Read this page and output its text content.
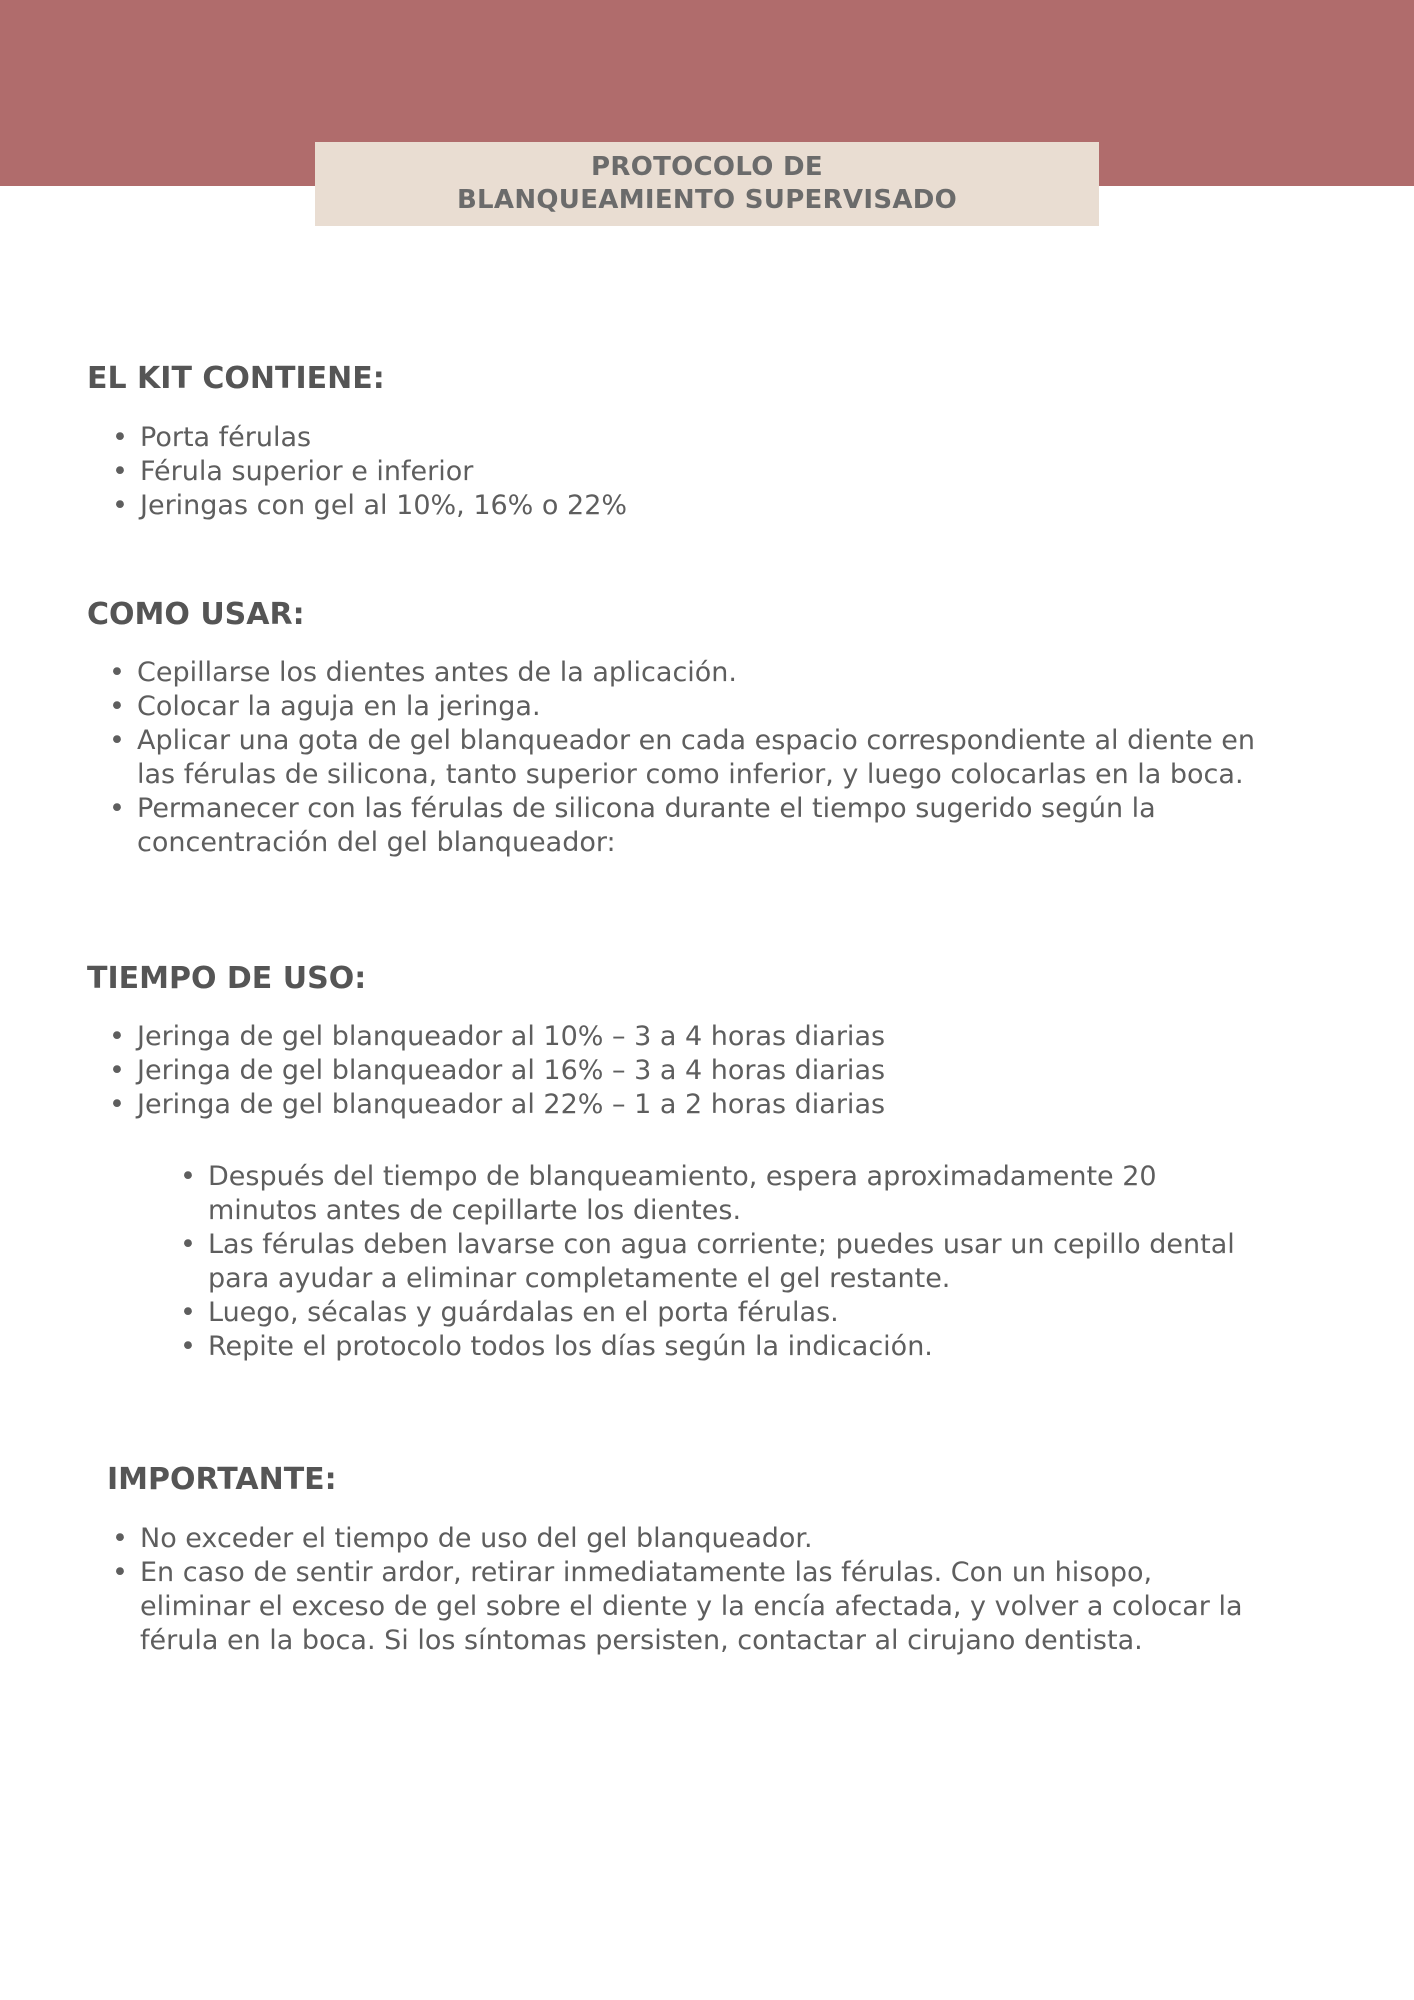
PROTOCOLO DE
BLANQUEAMIENTO SUPERVISADO
EL KIT CONTIENE:
• Porta férulas
• Férula superior e inferior
• Jeringas con gel al 10%, 16% o 22%
COMO USAR:
• Cepillarse los dientes antes de la aplicación.
• Colocar la aguja en la jeringa.
• Aplicar una gota de gel blanqueador en cada espacio correspondiente al diente en las férulas de silicona, tanto superior como inferior, y luego colocarlas en la boca.
• Permanecer con las férulas de silicona durante el tiempo sugerido según la concentración del gel blanqueador:
TIEMPO DE USO:
• Jeringa de gel blanqueador al 10% – 3 a 4 horas diarias
• Jeringa de gel blanqueador al 16% – 3 a 4 horas diarias
• Jeringa de gel blanqueador al 22% – 1 a 2 horas diarias
• Después del tiempo de blanqueamiento, espera aproximadamente 20 minutos antes de cepillarte los dientes.
• Las férulas deben lavarse con agua corriente; puedes usar un cepillo dental para ayudar a eliminar completamente el gel restante.
• Luego, sécalas y guárdalas en el porta férulas.
• Repite el protocolo todos los días según la indicación.
IMPORTANTE:
• No exceder el tiempo de uso del gel blanqueador.
• En caso de sentir ardor, retirar inmediatamente las férulas. Con un hisopo, eliminar el exceso de gel sobre el diente y la encía afectada, y volver a colocar la férula en la boca. Si los síntomas persisten, contactar al cirujano dentista.
